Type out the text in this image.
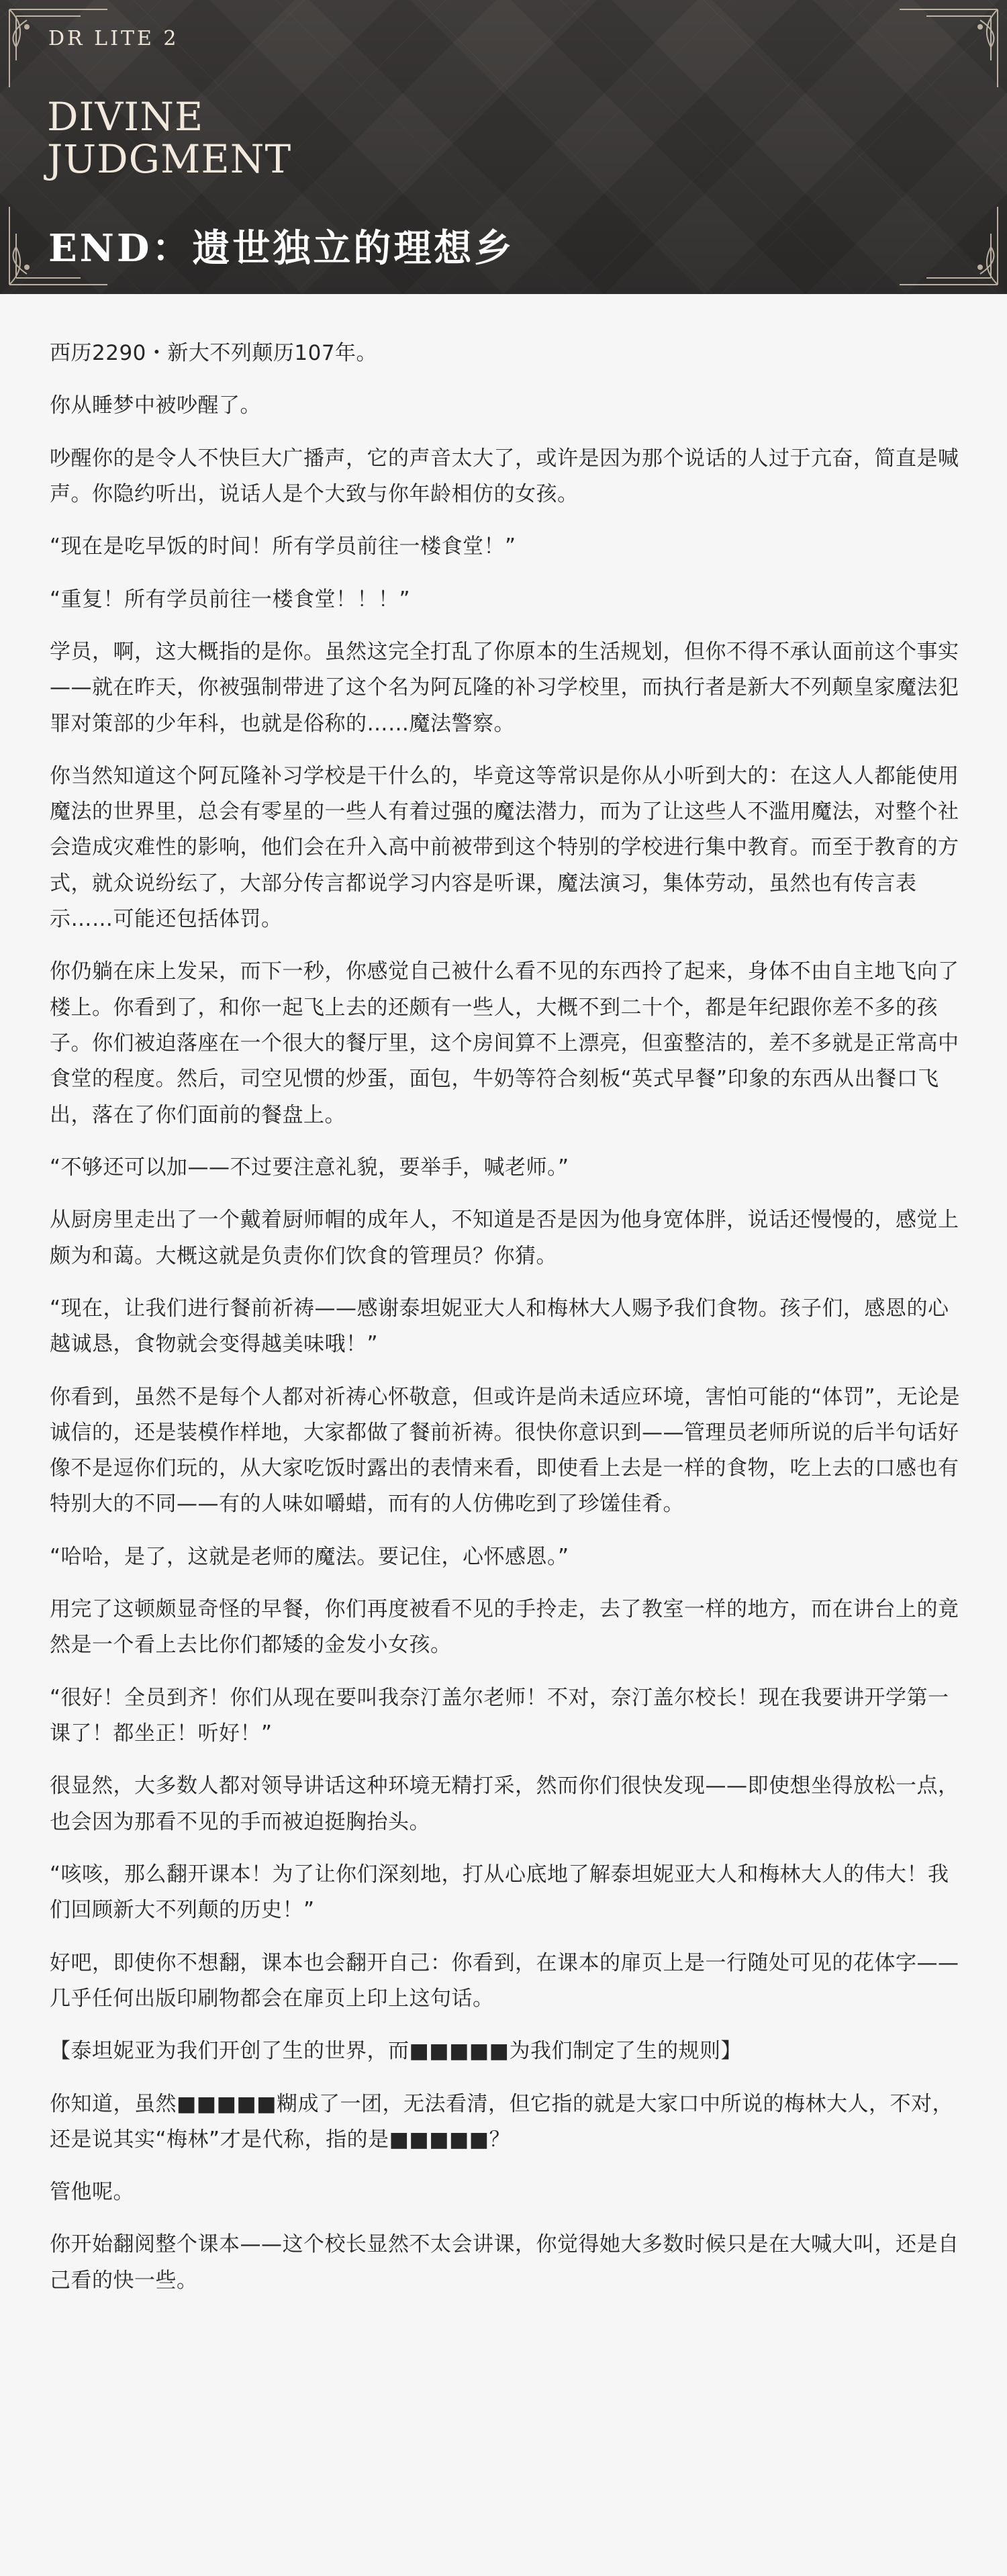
DR LITE 2
DIVINE
JUDGMENT
END：遗世独立的理想乡

西历2290・新大不列颠历107年。

你从睡梦中被吵醒了。

吵醒你的是令人不快巨大广播声，它的声音太大了，或许是因为那个说话的人过于亢奋，简直是喊声。你隐约听出，说话人是个大致与你年龄相仿的女孩。

“现在是吃早饭的时间！所有学员前往一楼食堂！”

“重复！所有学员前往一楼食堂！！！”

学员，啊，这大概指的是你。虽然这完全打乱了你原本的生活规划，但你不得不承认面前这个事实——就在昨天，你被强制带进了这个名为阿瓦隆的补习学校里，而执行者是新大不列颠皇家魔法犯罪对策部的少年科，也就是俗称的……魔法警察。

你当然知道这个阿瓦隆补习学校是干什么的，毕竟这等常识是你从小听到大的：在这人人都能使用魔法的世界里，总会有零星的一些人有着过强的魔法潜力，而为了让这些人不滥用魔法，对整个社会造成灾难性的影响，他们会在升入高中前被带到这个特别的学校进行集中教育。而至于教育的方式，就众说纷纭了，大部分传言都说学习内容是听课，魔法演习，集体劳动，虽然也有传言表示……可能还包括体罚。

你仍躺在床上发呆，而下一秒，你感觉自己被什么看不见的东西拎了起来，身体不由自主地飞向了楼上。你看到了，和你一起飞上去的还颇有一些人，大概不到二十个，都是年纪跟你差不多的孩子。你们被迫落座在一个很大的餐厅里，这个房间算不上漂亮，但蛮整洁的，差不多就是正常高中食堂的程度。然后，司空见惯的炒蛋，面包，牛奶等符合刻板“英式早餐”印象的东西从出餐口飞出，落在了你们面前的餐盘上。

“不够还可以加——不过要注意礼貌，要举手，喊老师。”

从厨房里走出了一个戴着厨师帽的成年人，不知道是否是因为他身宽体胖，说话还慢慢的，感觉上颇为和蔼。大概这就是负责你们饮食的管理员？你猜。

“现在，让我们进行餐前祈祷——感谢泰坦妮亚大人和梅林大人赐予我们食物。孩子们，感恩的心越诚恳，食物就会变得越美味哦！”

你看到，虽然不是每个人都对祈祷心怀敬意，但或许是尚未适应环境，害怕可能的“体罚”，无论是诚信的，还是装模作样地，大家都做了餐前祈祷。很快你意识到——管理员老师所说的后半句话好像不是逗你们玩的，从大家吃饭时露出的表情来看，即使看上去是一样的食物，吃上去的口感也有特别大的不同——有的人味如嚼蜡，而有的人仿佛吃到了珍馐佳肴。

“哈哈，是了，这就是老师的魔法。要记住，心怀感恩。”

用完了这顿颇显奇怪的早餐，你们再度被看不见的手拎走，去了教室一样的地方，而在讲台上的竟然是一个看上去比你们都矮的金发小女孩。

“很好！全员到齐！你们从现在要叫我奈汀盖尔老师！不对，奈汀盖尔校长！现在我要讲开学第一课了！都坐正！听好！”

很显然，大多数人都对领导讲话这种环境无精打采，然而你们很快发现——即使想坐得放松一点，也会因为那看不见的手而被迫挺胸抬头。

“咳咳，那么翻开课本！为了让你们深刻地，打从心底地了解泰坦妮亚大人和梅林大人的伟大！我们回顾新大不列颠的历史！”

好吧，即使你不想翻，课本也会翻开自己：你看到，在课本的扉页上是一行随处可见的花体字——几乎任何出版印刷物都会在扉页上印上这句话。

【泰坦妮亚为我们开创了生的世界，而■■■■■为我们制定了生的规则】

你知道，虽然■■■■■糊成了一团，无法看清，但它指的就是大家口中所说的梅林大人，不对，还是说其实“梅林”才是代称，指的是■■■■■？

管他呢。

你开始翻阅整个课本——这个校长显然不太会讲课，你觉得她大多数时候只是在大喊大叫，还是自己看的快一些。
